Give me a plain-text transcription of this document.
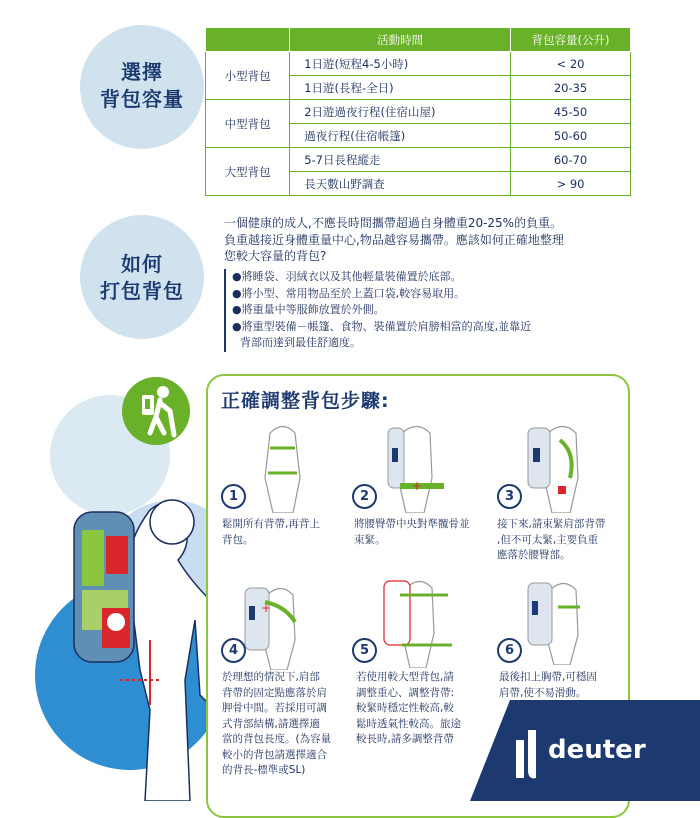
選擇
背包容量
	活動時間	背包容量(公升)
小型背包	1日遊(短程4-5小時)	< 20
	1日遊(長程-全日)	20-35
中型背包	2日遊過夜行程(住宿山屋)	45-50
	過夜行程(住宿帳篷)	50-60
大型背包	5-7日長程縱走	60-70
	長天數山野調查	> 90
如何
打包背包
一個健康的成人,不應長時間攜帶超過自身體重20-25%的負重。
負重越接近身體重量中心,物品越容易攜帶。應該如何正確地整理
您較大容量的背包?
●將睡袋、羽絨衣以及其他輕量裝備置於底部。
●將小型、常用物品至於上蓋口袋,較容易取用。
●將重量中等服飾放置於外側。
●將重型裝備－帳篷、食物、裝備置於肩膀相當的高度,並靠近
背部而達到最佳舒適度。
正確調整背包步驟:
+
+
1	2	3
4	5	6
鬆開所有背帶,再背上
背包。
將腰臀帶中央對準髖骨並
束緊。
接下來,請束緊肩部背帶
,但不可太緊,主要負重
應落於腰臀部。
於理想的情況下,肩部
背帶的固定點應落於肩
胛骨中間。若採用可調
式背部結構,請選擇適
當的背包長度。(為容量
較小的背包請選擇適合
的背長-標準或SL)
若使用較大型背包,請
調整重心、調整背帶:
較緊時穩定性較高,較
鬆時透氣性較高。旅途
較長時,請多調整背帶
最後扣上胸帶,可穩固
肩帶,使不易滑動。
deuter
